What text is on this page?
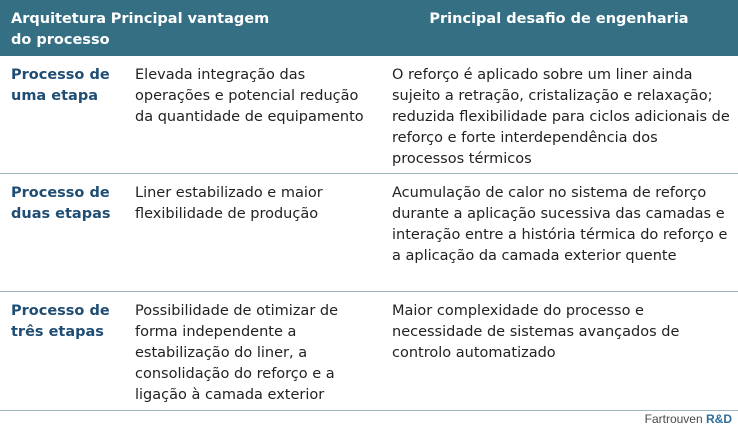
Arquitetura do processo
Principal vantagem	Principal desafio de engenharia
Processo de uma etapa
Elevada integração das operações e potencial redução da quantidade de equipamento
O reforço é aplicado sobre um liner ainda sujeito a retração, cristalização e relaxação; reduzida flexibilidade para ciclos adicionais de reforço e forte interdependência dos processos térmicos
Processo de duas etapas
Liner estabilizado e maior flexibilidade de produção
Acumulação de calor no sistema de reforço durante a aplicação sucessiva das camadas e interação entre a história térmica do reforço e a aplicação da camada exterior quente
Processo de três etapas
Possibilidade de otimizar de forma independente a estabilização do liner, a consolidação do reforço e a ligação à camada exterior
Maior complexidade do processo e necessidade de sistemas avançados de controlo automatizado
Fartrouven R&D
